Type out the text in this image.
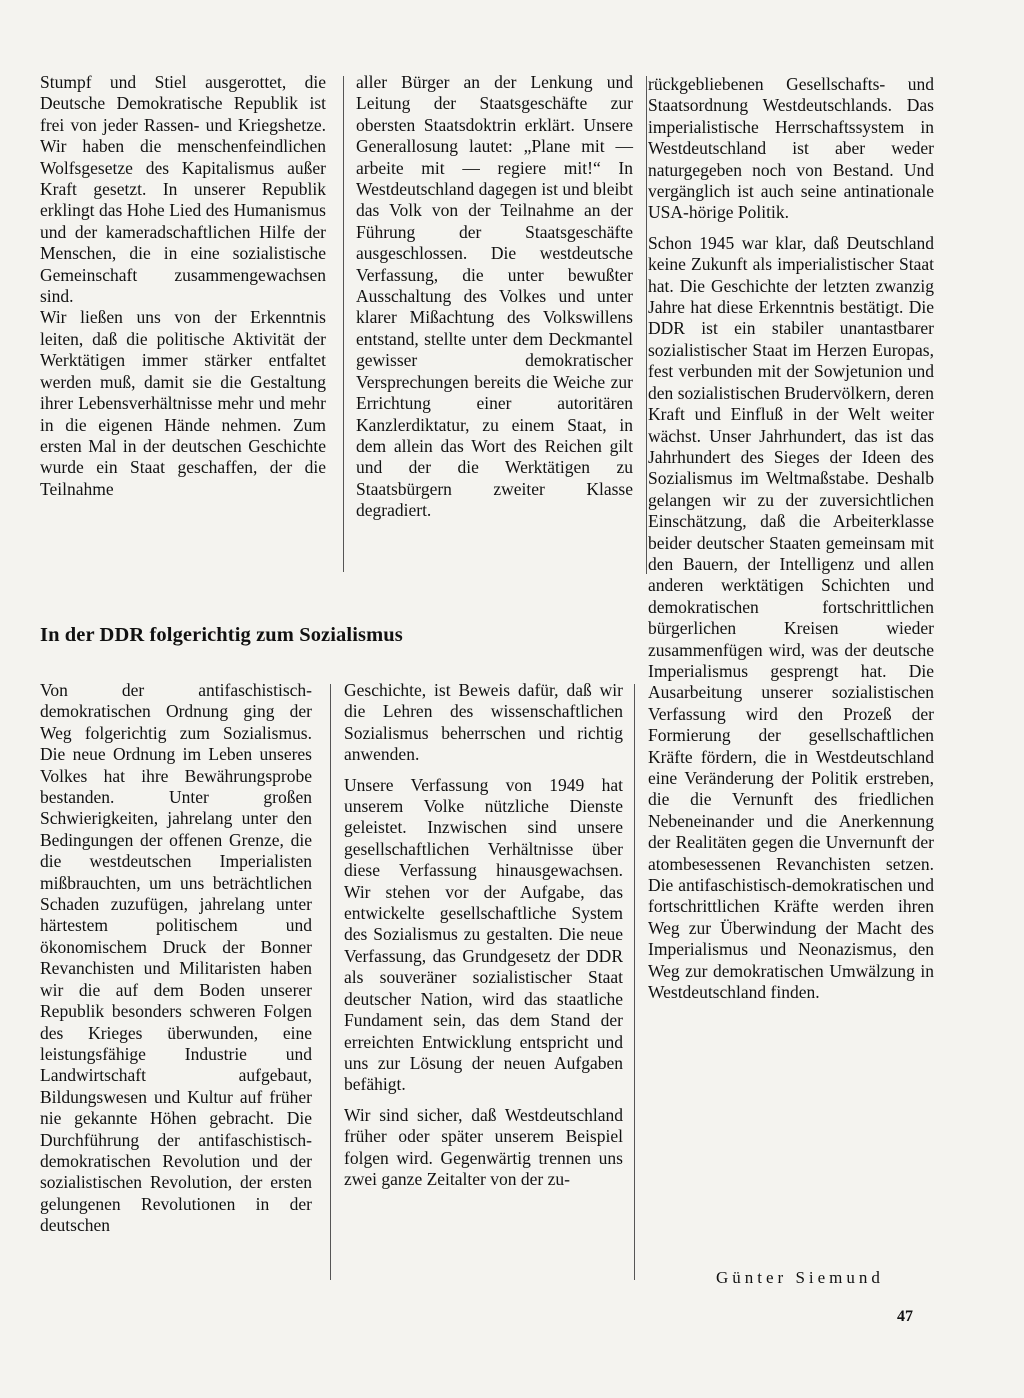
Stumpf und Stiel ausgerottet, die Deutsche Demokratische Republik ist frei von jeder Rassen- und Kriegshetze. Wir haben die menschenfeindlichen Wolfsgesetze des Kapitalismus außer Kraft gesetzt. In unserer Republik erklingt das Hohe Lied des Humanismus und der kameradschaftlichen Hilfe der Menschen, die in eine sozialistische Gemeinschaft zusammengewachsen sind.

Wir ließen uns von der Erkenntnis leiten, daß die politische Aktivität der Werktätigen immer stärker entfaltet werden muß, damit sie die Gestaltung ihrer Lebensverhältnisse mehr und mehr in die eigenen Hände nehmen. Zum ersten Mal in der deutschen Geschichte wurde ein Staat geschaffen, der die Teilnahme

aller Bürger an der Lenkung und Leitung der Staatsgeschäfte zur obersten Staatsdoktrin erklärt. Unsere Generallosung lautet: „Plane mit — arbeite mit — regiere mit!“ In Westdeutschland dagegen ist und bleibt das Volk von der Teilnahme an der Führung der Staatsgeschäfte ausgeschlossen. Die westdeutsche Verfassung, die unter bewußter Ausschaltung des Volkes und unter klarer Mißachtung des Volkswillens entstand, stellte unter dem Deckmantel gewisser demokratischer Versprechungen bereits die Weiche zur Errichtung einer autoritären Kanzlerdiktatur, zu einem Staat, in dem allein das Wort des Reichen gilt und der die Werktätigen zu Staatsbürgern zweiter Klasse degradiert.

In der DDR folgerichtig zum Sozialismus

Von der antifaschistisch-demokratischen Ordnung ging der Weg folgerichtig zum Sozialismus. Die neue Ordnung im Leben unseres Volkes hat ihre Bewährungsprobe bestanden. Unter großen Schwierigkeiten, jahrelang unter den Bedingungen der offenen Grenze, die die westdeutschen Imperialisten mißbrauchten, um uns beträchtlichen Schaden zuzufügen, jahrelang unter härtestem politischem und ökonomischem Druck der Bonner Revanchisten und Militaristen haben wir die auf dem Boden unserer Republik besonders schweren Folgen des Krieges überwunden, eine leistungsfähige Industrie und Landwirtschaft aufgebaut, Bildungswesen und Kultur auf früher nie gekannte Höhen gebracht. Die Durchführung der antifaschistisch-demokratischen Revolution und der sozialistischen Revolution, der ersten gelungenen Revolutionen in der deutschen

Geschichte, ist Beweis dafür, daß wir die Lehren des wissenschaftlichen Sozialismus beherrschen und richtig anwenden.

Unsere Verfassung von 1949 hat unserem Volke nützliche Dienste geleistet. Inzwischen sind unsere gesellschaftlichen Verhältnisse über diese Verfassung hinausgewachsen. Wir stehen vor der Aufgabe, das entwickelte gesellschaftliche System des Sozialismus zu gestalten. Die neue Verfassung, das Grundgesetz der DDR als souveräner sozialistischer Staat deutscher Nation, wird das staatliche Fundament sein, das dem Stand der erreichten Entwicklung entspricht und uns zur Lösung der neuen Aufgaben befähigt.

Wir sind sicher, daß Westdeutschland früher oder später unserem Beispiel folgen wird. Gegenwärtig trennen uns zwei ganze Zeitalter von der zu-

rückgebliebenen Gesellschafts- und Staatsordnung Westdeutschlands. Das imperialistische Herrschaftssystem in Westdeutschland ist aber weder naturgegeben noch von Bestand. Und vergänglich ist auch seine antinationale USA-hörige Politik.

Schon 1945 war klar, daß Deutschland keine Zukunft als imperialistischer Staat hat. Die Geschichte der letzten zwanzig Jahre hat diese Erkenntnis bestätigt. Die DDR ist ein stabiler unantastbarer sozialistischer Staat im Herzen Europas, fest verbunden mit der Sowjetunion und den sozialistischen Brudervölkern, deren Kraft und Einfluß in der Welt weiter wächst. Unser Jahrhundert, das ist das Jahrhundert des Sieges der Ideen des Sozialismus im Weltmaßstabe. Deshalb gelangen wir zu der zuversichtlichen Einschätzung, daß die Arbeiterklasse beider deutscher Staaten gemeinsam mit den Bauern, der Intelligenz und allen anderen werktätigen Schichten und demokratischen fortschrittlichen bürgerlichen Kreisen wieder zusammenfügen wird, was der deutsche Imperialismus gesprengt hat. Die Ausarbeitung unserer sozialistischen Verfassung wird den Prozeß der Formierung der gesellschaftlichen Kräfte fördern, die in Westdeutschland eine Veränderung der Politik erstreben, die die Vernunft des friedlichen Nebeneinander und die Anerkennung der Realitäten gegen die Unvernunft der atombesessenen Revanchisten setzen. Die antifaschistisch-demokratischen und fortschrittlichen Kräfte werden ihren Weg zur Überwindung der Macht des Imperialismus und Neonazismus, den Weg zur demokratischen Umwälzung in Westdeutschland finden.

Günter Siemund
47
